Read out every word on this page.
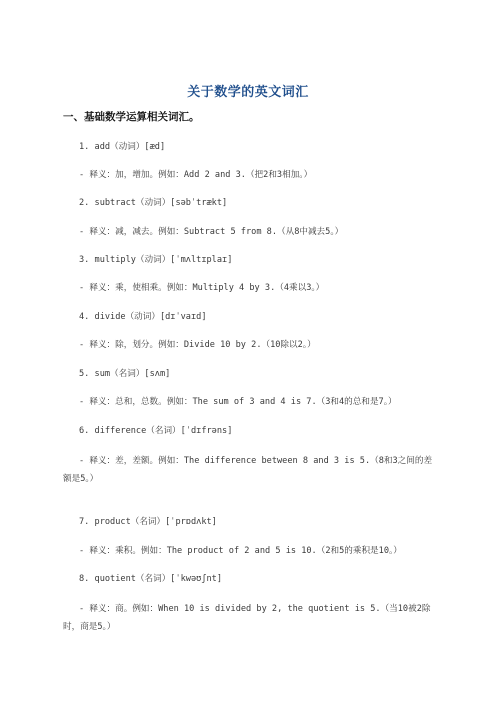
关于数学的英文词汇
一、基础数学运算相关词汇。
1. add（动词）[æd]
- 释义：加，增加。例如：Add 2 and 3.（把2和3相加。）
2. subtract（动词）[səbˈtrækt]
- 释义：减，减去。例如：Subtract 5 from 8.（从8中减去5。）
3. multiply（动词）[ˈmʌltɪplaɪ]
- 释义：乘，使相乘。例如：Multiply 4 by 3.（4乘以3。）
4. divide（动词）[dɪˈvaɪd]
- 释义：除，划分。例如：Divide 10 by 2.（10除以2。）
5. sum（名词）[sʌm]
- 释义：总和，总数。例如：The sum of 3 and 4 is 7.（3和4的总和是7。）
6. difference（名词）[ˈdɪfrəns]
- 释义：差，差额。例如：The difference between 8 and 3 is 5.（8和3之间的差额是5。）
7. product（名词）[ˈprɒdʌkt]
- 释义：乘积。例如：The product of 2 and 5 is 10.（2和5的乘积是10。）
8. quotient（名词）[ˈkwəʊʃnt]
- 释义：商。例如：When 10 is divided by 2, the quotient is 5.（当10被2除时，商是5。）
